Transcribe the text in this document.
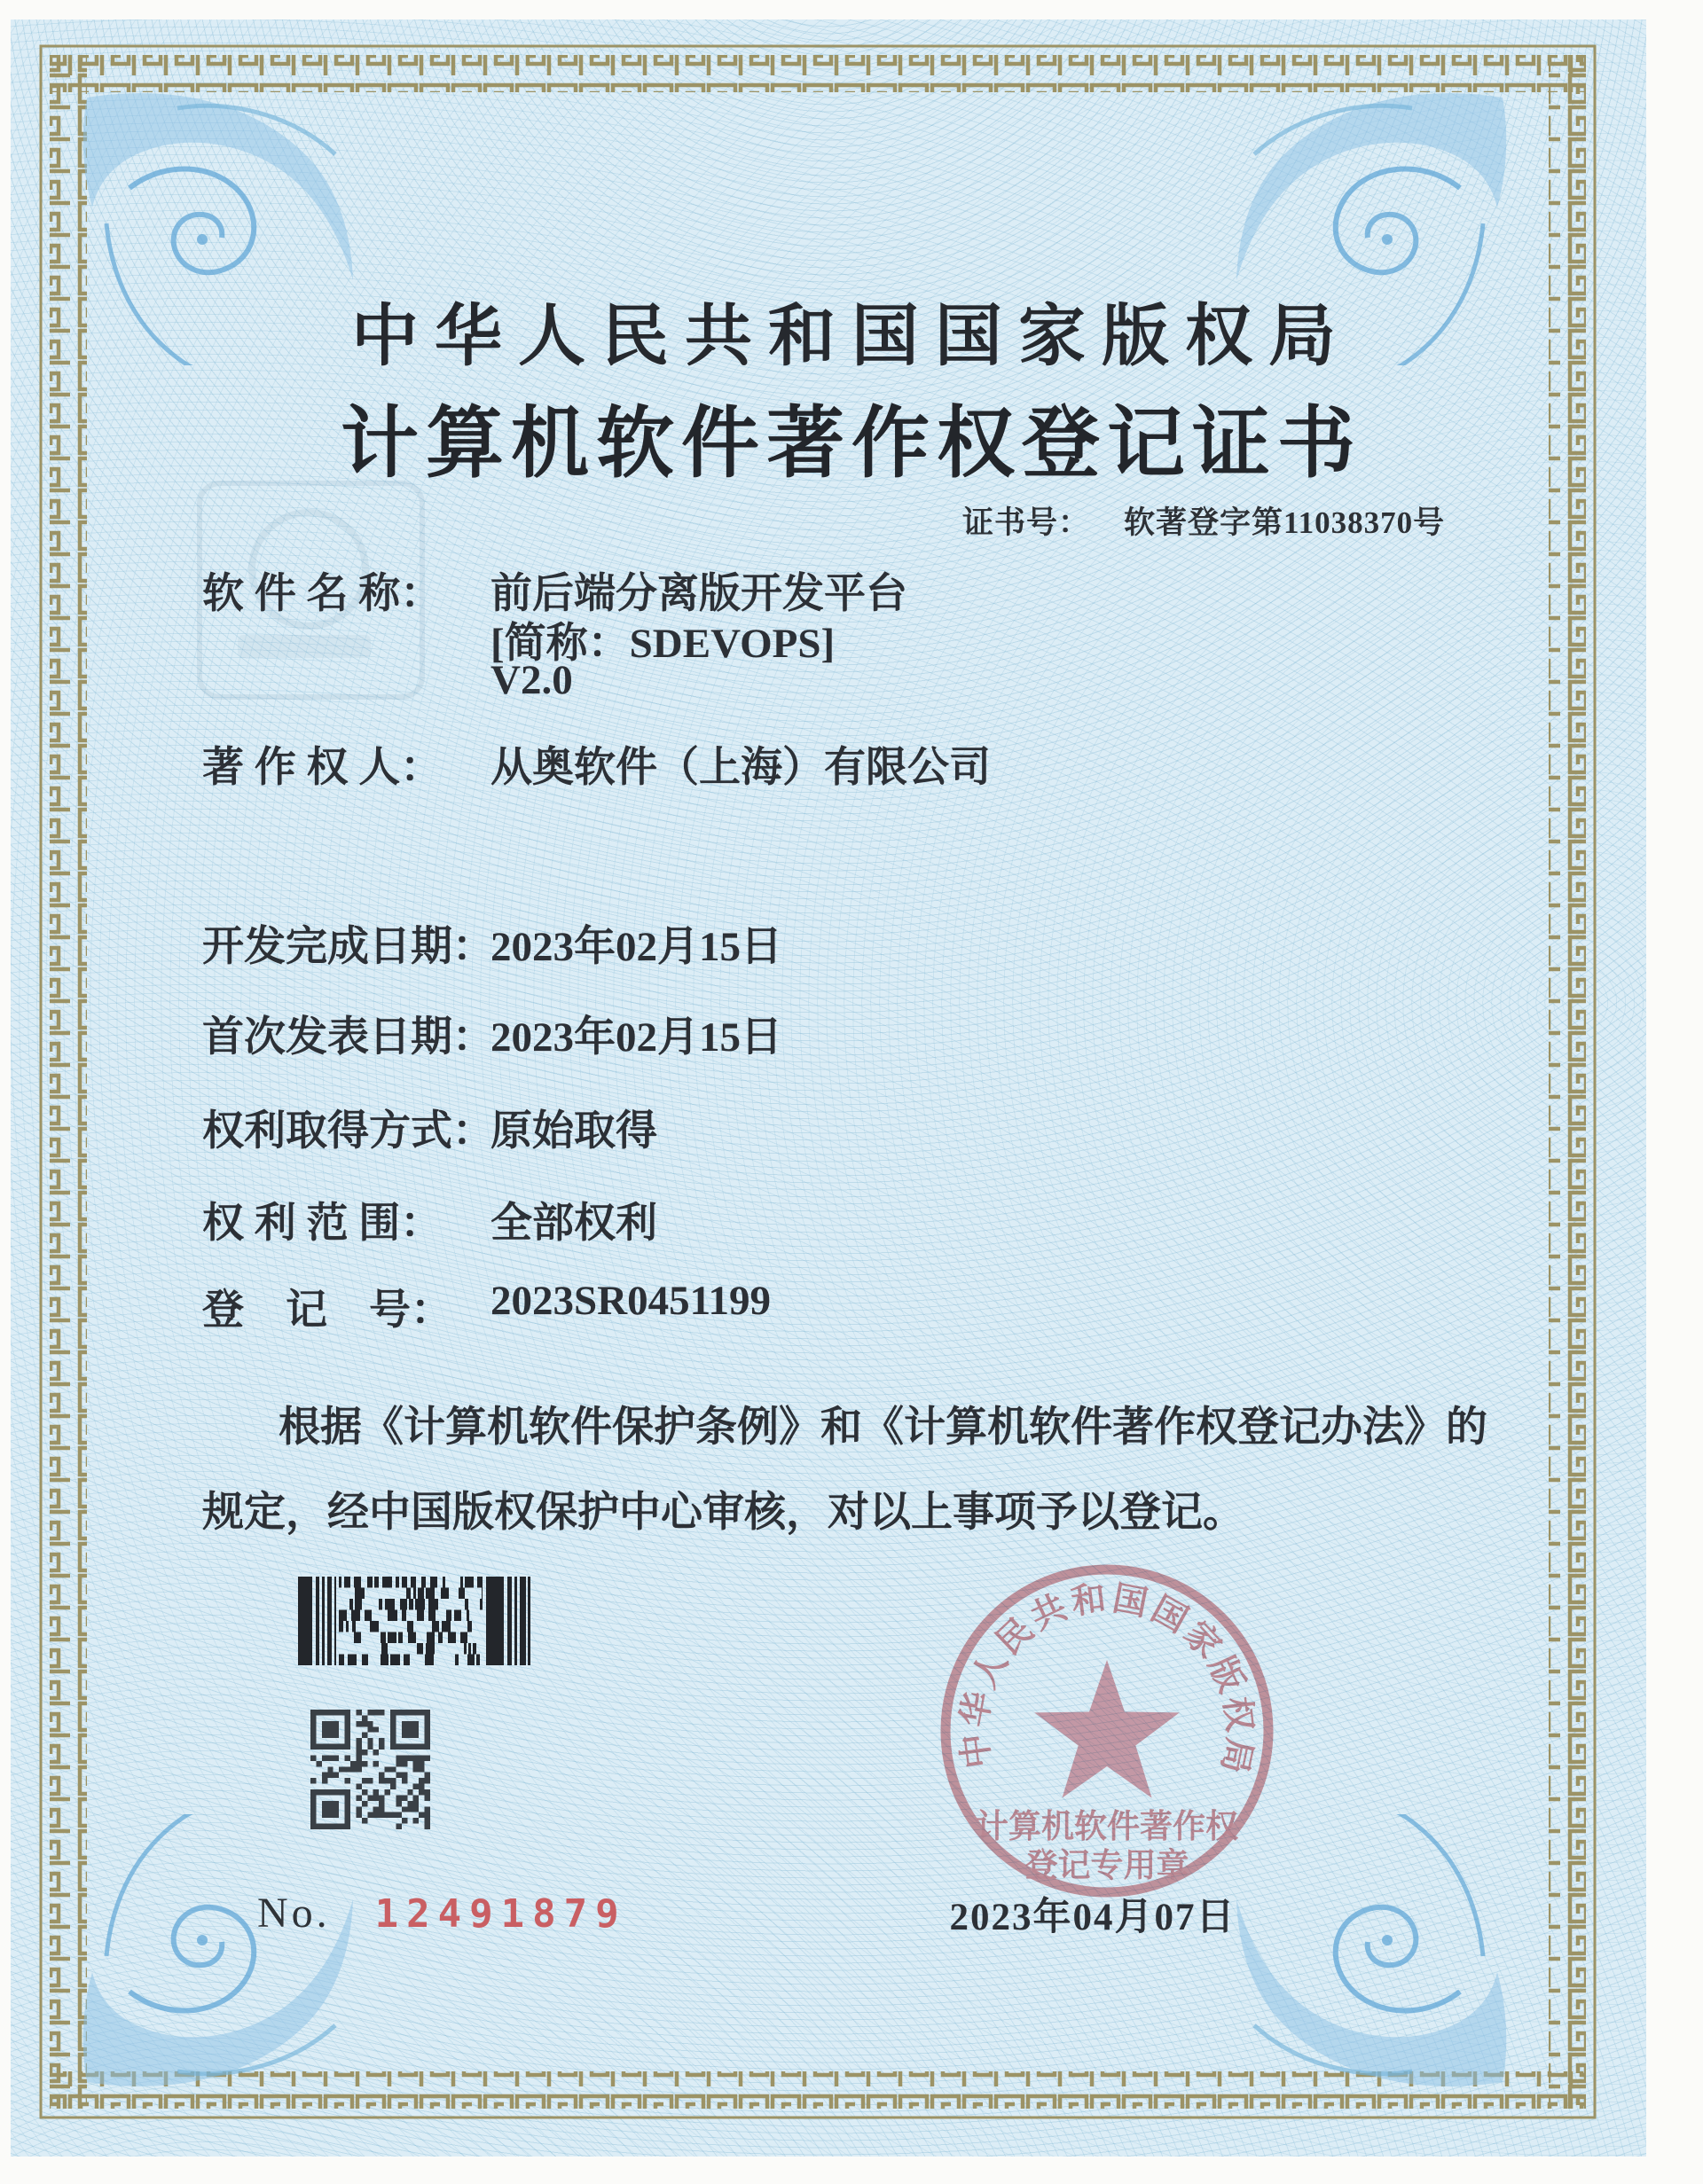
中华人民共和国国家版权局
计算机软件著作权登记证书
证书号： 软著登字第11038370号
软 件 名 称： 前后端分离版开发平台
[简称：SDEVOPS]
V2.0
著 作 权 人： 从奥软件（上海）有限公司
开发完成日期：
2023年02月15日
首次发表日期：
2023年02月15日
权利取得方式：
原始取得
权 利 范 围： 全部权利
登　记　号： 2023SR0451199
根据《计算机软件保护条例》和《计算机软件著作权登记办法》的
规定，经中国版权保护中心审核，对以上事项予以登记。
中华人民共和国国家版权局
计算机软件著作权
登记专用章
2023年04月07日
No. 12491879
